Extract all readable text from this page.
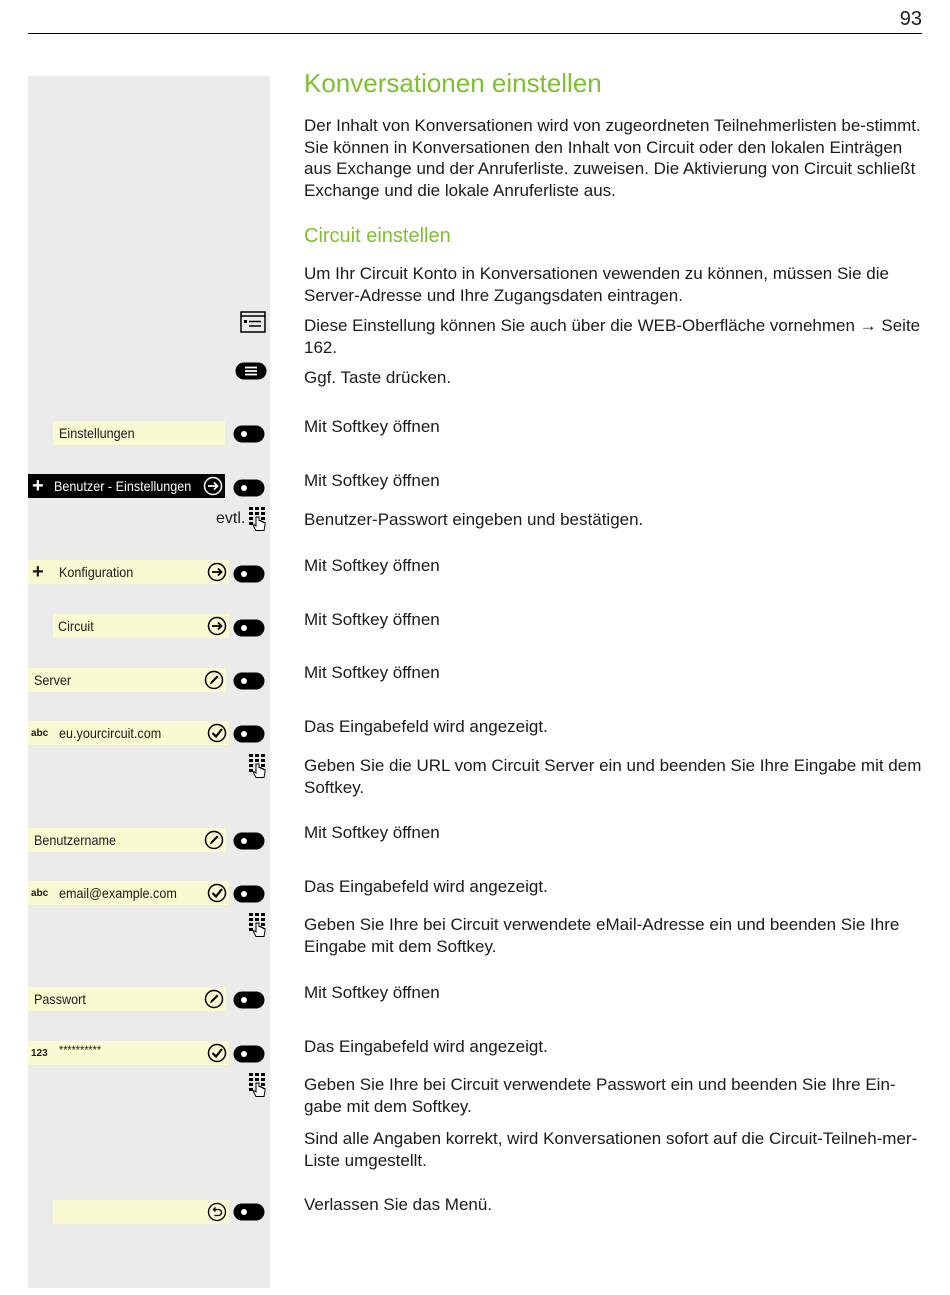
93
Konversationen einstellen

Der Inhalt von Konversationen wird von zugeordneten Teilnehmerlisten be-stimmt. Sie können in Konversationen den Inhalt von Circuit oder den lokalen Einträgen aus Exchange und der Anruferliste. zuweisen. Die Aktivierung von Circuit schließt Exchange und die lokale Anruferliste aus.

Circuit einstellen

Um Ihr Circuit Konto in Konversationen vewenden zu können, müssen Sie die Server-Adresse und Ihre Zugangsdaten eintragen.

Diese Einstellung können Sie auch über die WEB-Oberfläche vornehmen → Seite 162.

Ggf. Taste drücken.

Mit Softkey öffnen

Mit Softkey öffnen

Benutzer-Passwort eingeben und bestätigen.

Mit Softkey öffnen

Mit Softkey öffnen

Mit Softkey öffnen

Das Eingabefeld wird angezeigt.

Geben Sie die URL vom Circuit Server ein und beenden Sie Ihre Eingabe mit dem Softkey.

Mit Softkey öffnen

Das Eingabefeld wird angezeigt.

Geben Sie Ihre bei Circuit verwendete eMail-Adresse ein und beenden Sie Ihre Eingabe mit dem Softkey.

Mit Softkey öffnen

Das Eingabefeld wird angezeigt.

Geben Sie Ihre bei Circuit verwendete Passwort ein und beenden Sie Ihre Ein-gabe mit dem Softkey.

Sind alle Angaben korrekt, wird Konversationen sofort auf die Circuit-Teilneh-mer-Liste umgestellt.

Verlassen Sie das Menü.

Einstellungen
+ Benutzer - Einstellungen
evtl.
+ Konfiguration
Circuit
Server
abc eu.yourcircuit.com
Benutzername
abc email@example.com
Passwort
123 **********
